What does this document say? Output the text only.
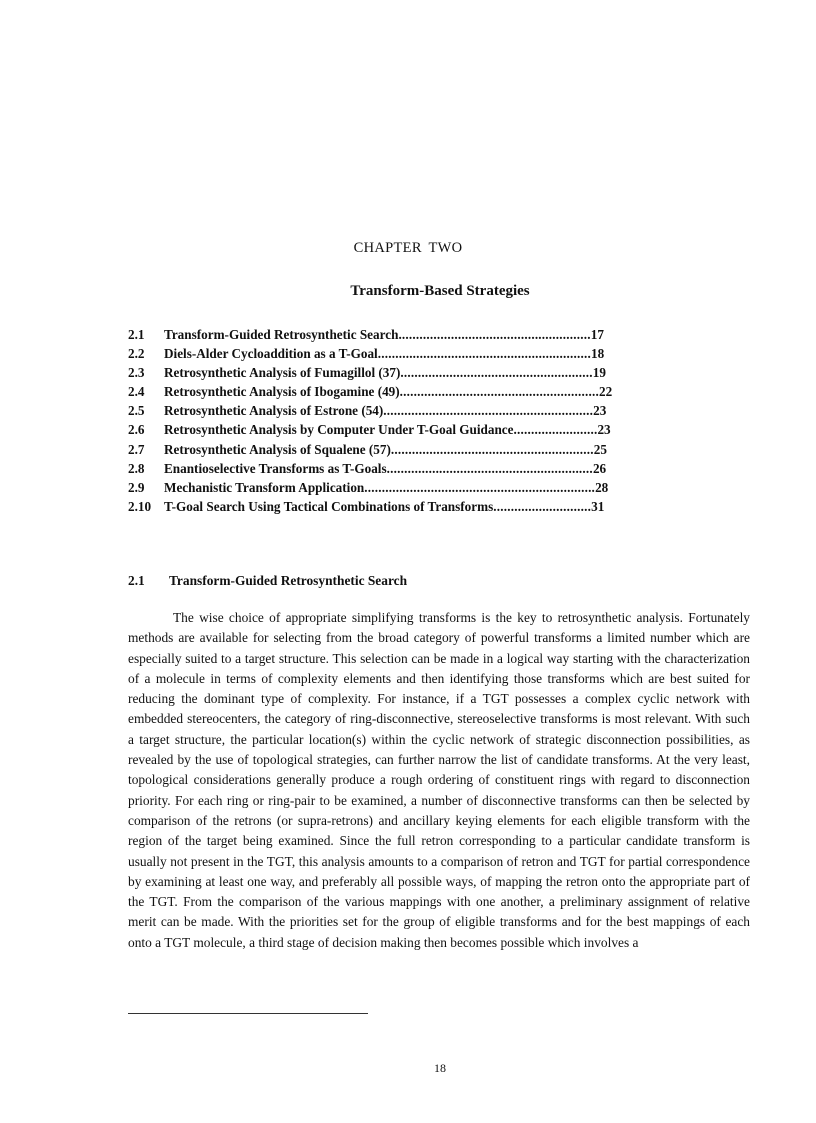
CHAPTER TWO
Transform-Based Strategies
2.1 Transform-Guided Retrosynthetic Search.......................................................17
2.2 Diels-Alder Cycloaddition as a T-Goal.............................................................18
2.3 Retrosynthetic Analysis of Fumagillol (37).......................................................19
2.4 Retrosynthetic Analysis of Ibogamine (49).........................................................22
2.5 Retrosynthetic Analysis of Estrone (54)............................................................23
2.6 Retrosynthetic Analysis by Computer Under T-Goal Guidance........................23
2.7 Retrosynthetic Analysis of Squalene (57)..........................................................25
2.8 Enantioselective Transforms as T-Goals...........................................................26
2.9 Mechanistic Transform Application..................................................................28
2.10 T-Goal Search Using Tactical Combinations of Transforms............................31
2.1 Transform-Guided Retrosynthetic Search

The wise choice of appropriate simplifying transforms is the key to retrosynthetic analysis. Fortunately methods are available for selecting from the broad category of powerful transforms a limited number which are especially suited to a target structure. This selection can be made in a logical way starting with the characterization of a molecule in terms of complexity elements and then identifying those transforms which are best suited for reducing the dominant type of complexity. For instance, if a TGT possesses a complex cyclic network with embedded stereocenters, the category of ring-disconnective, stereoselective transforms is most relevant. With such a target structure, the particular location(s) within the cyclic network of strategic disconnection possibilities, as revealed by the use of topological strategies, can further narrow the list of candidate transforms. At the very least, topological considerations generally produce a rough ordering of constituent rings with regard to disconnection priority. For each ring or ring-pair to be examined, a number of disconnective transforms can then be selected by comparison of the retrons (or supra-retrons) and ancillary keying elements for each eligible transform with the region of the target being examined. Since the full retron corresponding to a particular candidate transform is usually not present in the TGT, this analysis amounts to a comparison of retron and TGT for partial correspondence by examining at least one way, and preferably all possible ways, of mapping the retron onto the appropriate part of the TGT. From the comparison of the various mappings with one another, a preliminary assignment of relative merit can be made. With the priorities set for the group of eligible transforms and for the best mappings of each onto a TGT molecule, a third stage of decision making then becomes possible which involves a

18
